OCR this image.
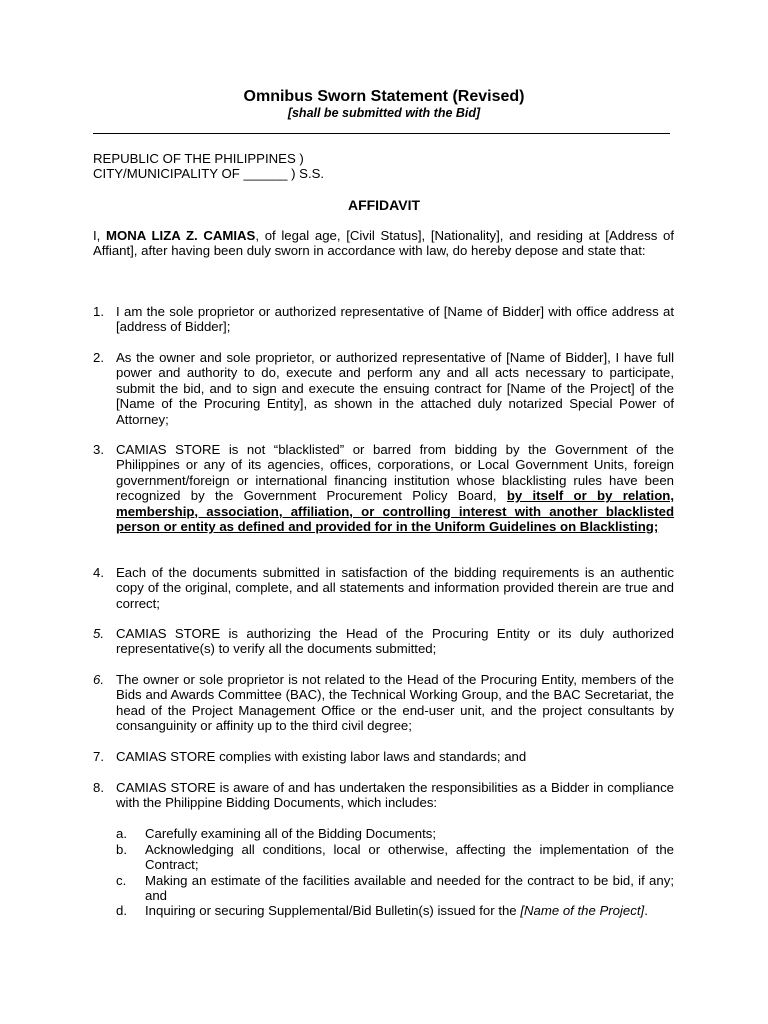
Omnibus Sworn Statement (Revised)
[shall be submitted with the Bid]
REPUBLIC OF THE PHILIPPINES )
CITY/MUNICIPALITY OF ______ ) S.S.
AFFIDAVIT
I, MONA LIZA Z. CAMIAS, of legal age, [Civil Status], [Nationality], and residing at [Address of Affiant], after having been duly sworn in accordance with law, do hereby depose and state that:
1. I am the sole proprietor or authorized representative of [Name of Bidder] with office address at [address of Bidder];
2. As the owner and sole proprietor, or authorized representative of [Name of Bidder], I have full power and authority to do, execute and perform any and all acts necessary to participate, submit the bid, and to sign and execute the ensuing contract for [Name of the Project] of the [Name of the Procuring Entity], as shown in the attached duly notarized Special Power of Attorney;
3. CAMIAS STORE is not “blacklisted” or barred from bidding by the Government of the Philippines or any of its agencies, offices, corporations, or Local Government Units, foreign government/foreign or international financing institution whose blacklisting rules have been recognized by the Government Procurement Policy Board, by itself or by relation, membership, association, affiliation, or controlling interest with another blacklisted person or entity as defined and provided for in the Uniform Guidelines on Blacklisting;
4. Each of the documents submitted in satisfaction of the bidding requirements is an authentic copy of the original, complete, and all statements and information provided therein are true and correct;
5. CAMIAS STORE is authorizing the Head of the Procuring Entity or its duly authorized representative(s) to verify all the documents submitted;
6. The owner or sole proprietor is not related to the Head of the Procuring Entity, members of the Bids and Awards Committee (BAC), the Technical Working Group, and the BAC Secretariat, the head of the Project Management Office or the end-user unit, and the project consultants by consanguinity or affinity up to the third civil degree;
7. CAMIAS STORE complies with existing labor laws and standards; and
8. CAMIAS STORE is aware of and has undertaken the responsibilities as a Bidder in compliance with the Philippine Bidding Documents, which includes:
a.	Carefully examining all of the Bidding Documents;
b.	Acknowledging all conditions, local or otherwise, affecting the implementation of the Contract;
c.	Making an estimate of the facilities available and needed for the contract to be bid, if any; and
d.	Inquiring or securing Supplemental/Bid Bulletin(s) issued for the [Name of the Project].
